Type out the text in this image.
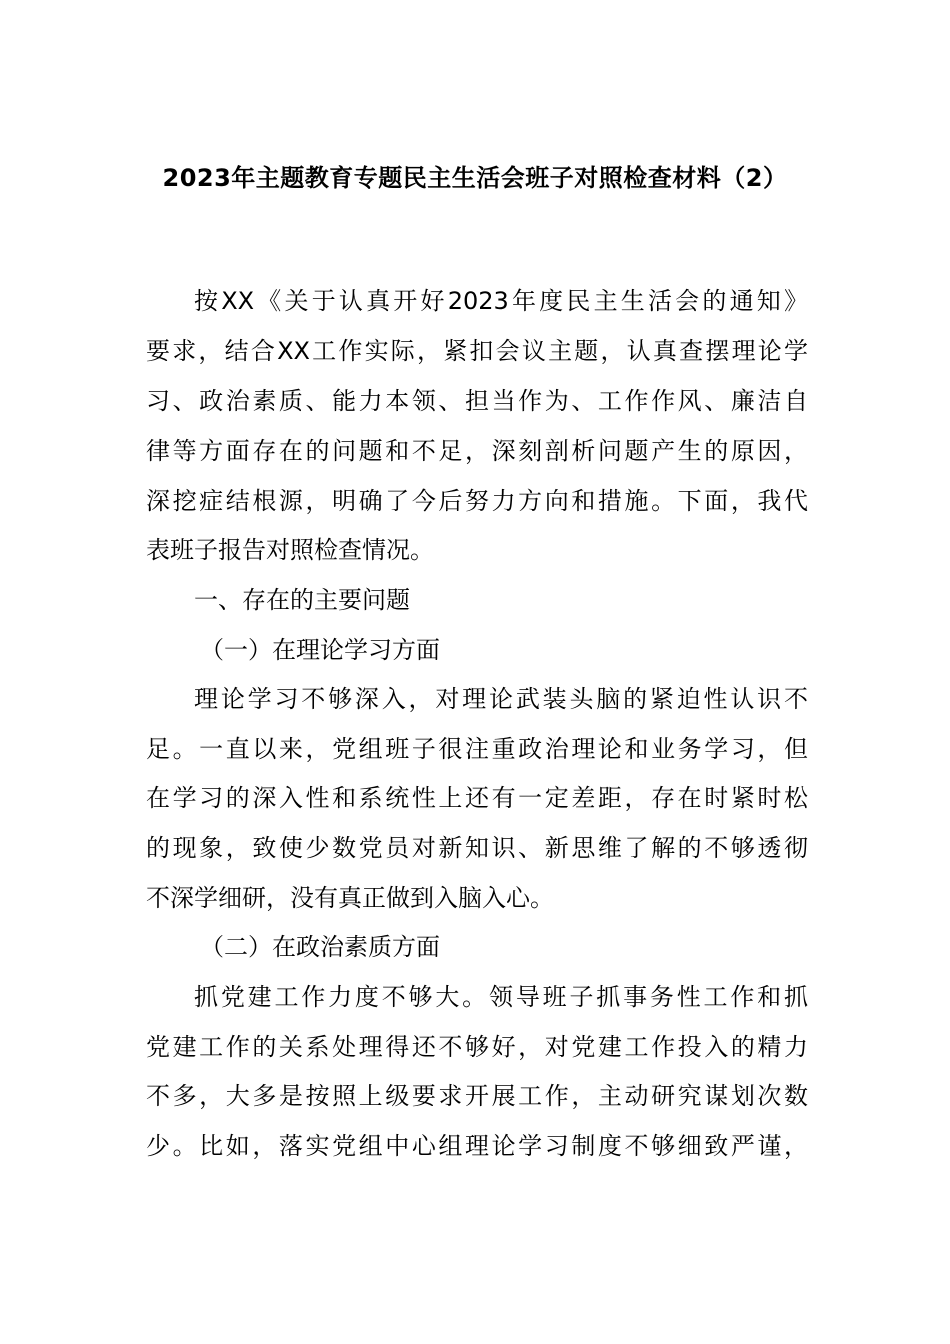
2023年主题教育专题民主生活会班子对照检查材料（2）
按XX《关于认真开好2023年度民主生活会的通知》
要求，结合XX工作实际，紧扣会议主题，认真查摆理论学
习、政治素质、能力本领、担当作为、工作作风、廉洁自
律等方面存在的问题和不足，深刻剖析问题产生的原因，
深挖症结根源，明确了今后努力方向和措施。下面，我代
表班子报告对照检查情况。
一、存在的主要问题
（一）在理论学习方面
理论学习不够深入，对理论武装头脑的紧迫性认识不
足。一直以来，党组班子很注重政治理论和业务学习，但
在学习的深入性和系统性上还有一定差距，存在时紧时松
的现象，致使少数党员对新知识、新思维了解的不够透彻
不深学细研，没有真正做到入脑入心。
（二）在政治素质方面
抓党建工作力度不够大。领导班子抓事务性工作和抓
党建工作的关系处理得还不够好，对党建工作投入的精力
不多，大多是按照上级要求开展工作，主动研究谋划次数
少。比如，落实党组中心组理论学习制度不够细致严谨，
